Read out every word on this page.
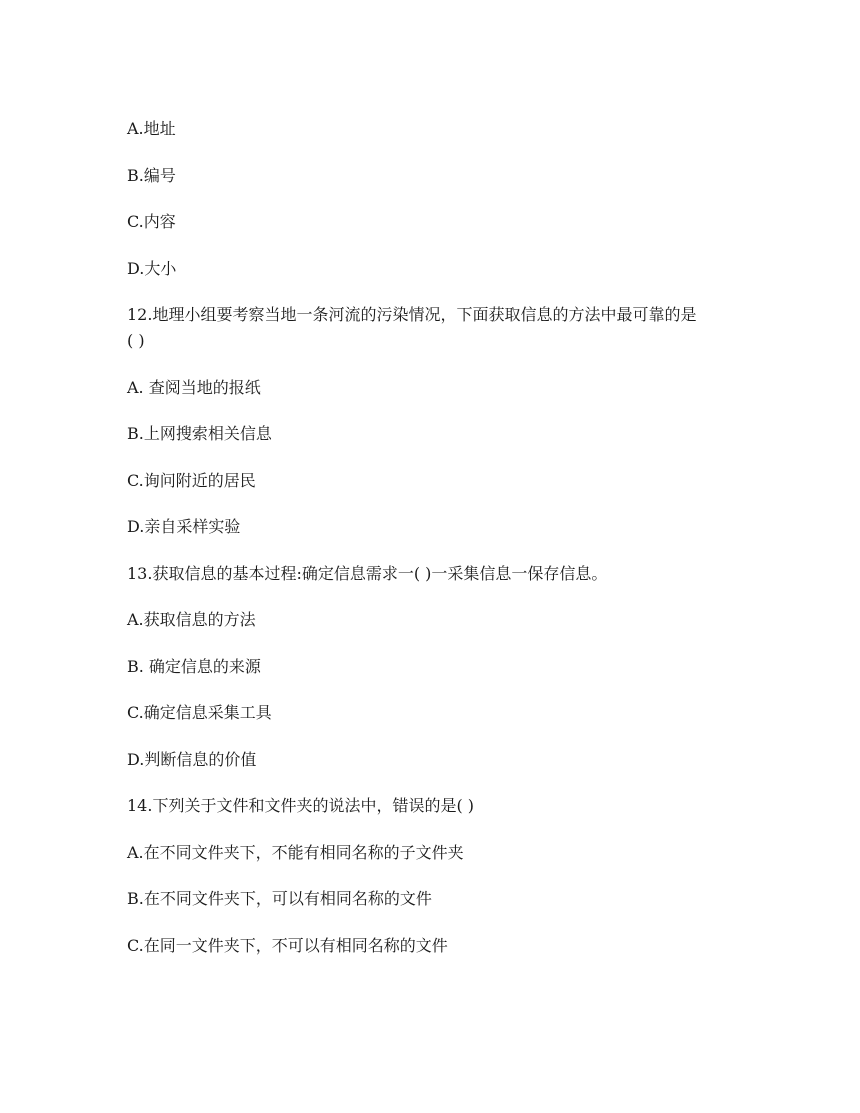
A.地址
B.编号
C.内容
D.大小
12.地理小组要考察当地一条河流的污染情况，下面获取信息的方法中最可靠的是
( )
A. 查阅当地的报纸
B.上网搜索相关信息
C.询问附近的居民
D.亲自采样实验
13.获取信息的基本过程:确定信息需求一( )一采集信息一保存信息。
A.获取信息的方法
B. 确定信息的来源
C.确定信息采集工具
D.判断信息的价值
14.下列关于文件和文件夹的说法中，错误的是( )
A.在不同文件夹下，不能有相同名称的子文件夹
B.在不同文件夹下，可以有相同名称的文件
C.在同一文件夹下，不可以有相同名称的文件
